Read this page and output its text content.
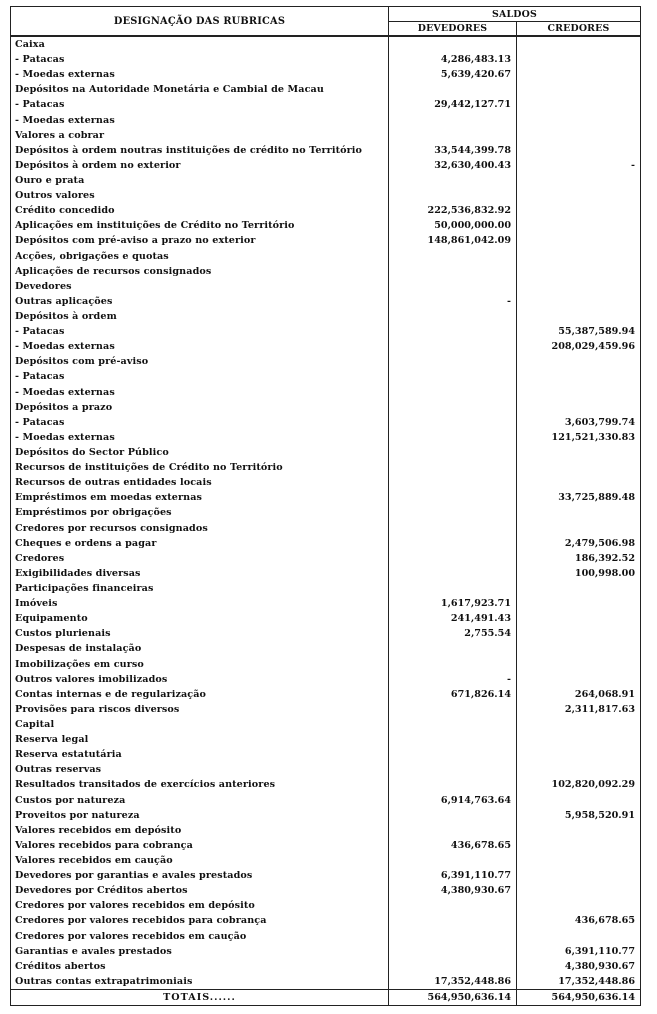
DESIGNAÇÃO DAS RUBRICAS	SALDOS	
	DEVEDORES	CREDORES
Caixa		
- Patacas	4,286,483.13	
- Moedas externas	5,639,420.67	
Depósitos na Autoridade Monetária e Cambial de Macau		
- Patacas	29,442,127.71	
- Moedas externas		
Valores a cobrar		
Depósitos à ordem noutras instituições de crédito no Território	33,544,399.78	
Depósitos à ordem no exterior	32,630,400.43	-
Ouro e prata		
Outros valores		
Crédito concedido	222,536,832.92	
Aplicações em instituições de Crédito no Território	50,000,000.00	
Depósitos com pré-aviso a prazo no exterior	148,861,042.09	
Acções, obrigações e quotas		
Aplicações de recursos consignados		
Devedores		
Outras aplicações	-	
Depósitos à ordem		
- Patacas		55,387,589.94
- Moedas externas		208,029,459.96
Depósitos com pré-aviso		
- Patacas		
- Moedas externas		
Depósitos a prazo		
- Patacas		3,603,799.74
- Moedas externas		121,521,330.83
Depósitos do Sector Público		
Recursos de instituições de Crédito no Território		
Recursos de outras entidades locais		
Empréstimos em moedas externas		33,725,889.48
Empréstimos por obrigações		
Credores por recursos consignados		
Cheques e ordens a pagar		2,479,506.98
Credores		186,392.52
Exigibilidades diversas		100,998.00
Participações financeiras		
Imóveis	1,617,923.71	
Equipamento	241,491.43	
Custos plurienais	2,755.54	
Despesas de instalação		
Imobilizações em curso		
Outros valores imobilizados	-	
Contas internas e de regularização	671,826.14	264,068.91
Provisões para riscos diversos		2,311,817.63
Capital		
Reserva legal		
Reserva estatutária		
Outras reservas		
Resultados transitados de exercícios anteriores		102,820,092.29
Custos por natureza	6,914,763.64	
Proveitos por natureza		5,958,520.91
Valores recebidos em depósito		
Valores recebidos para cobrança	436,678.65	
Valores recebidos em caução		
Devedores por garantias e avales prestados	6,391,110.77	
Devedores por Créditos abertos	4,380,930.67	
Credores por valores recebidos em depósito		
Credores por valores recebidos para cobrança		436,678.65
Credores por valores recebidos em caução		
Garantias e avales prestados		6,391,110.77
Créditos abertos		4,380,930.67
Outras contas extrapatrimoniais	17,352,448.86	17,352,448.86
TOTAIS......	564,950,636.14	564,950,636.14
